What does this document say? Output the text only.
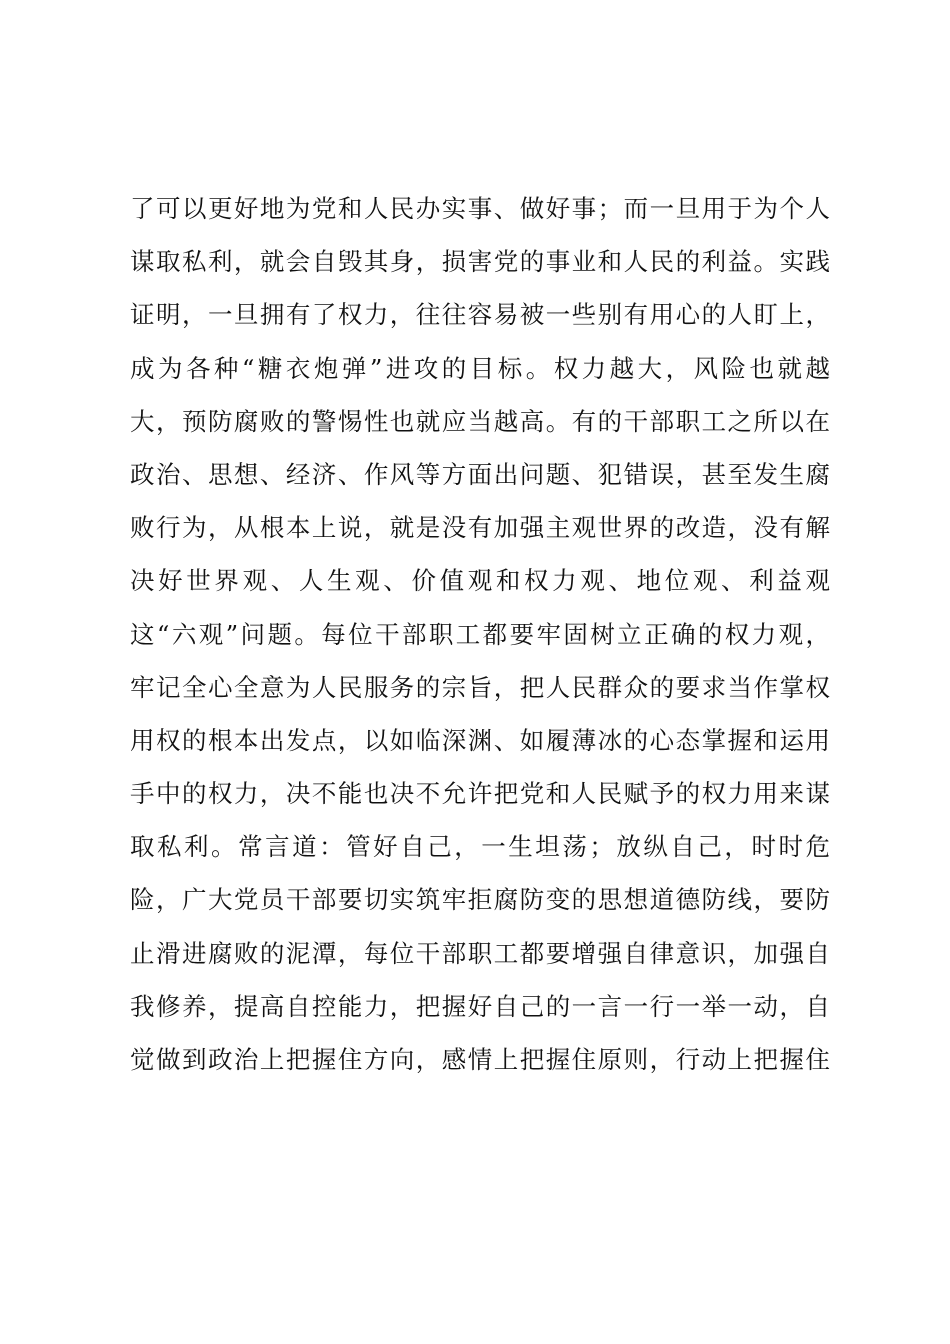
了可以更好地为党和人民办实事、做好事；而一旦用于为个人
谋取私利，就会自毁其身，损害党的事业和人民的利益。实践
证明，一旦拥有了权力，往往容易被一些别有用心的人盯上，
成为各种“糖衣炮弹”进攻的目标。权力越大，风险也就越
大，预防腐败的警惕性也就应当越高。有的干部职工之所以在
政治、思想、经济、作风等方面出问题、犯错误，甚至发生腐
败行为，从根本上说，就是没有加强主观世界的改造，没有解
决好世界观、人生观、价值观和权力观、地位观、利益观
这“六观”问题。每位干部职工都要牢固树立正确的权力观，
牢记全心全意为人民服务的宗旨，把人民群众的要求当作掌权
用权的根本出发点，以如临深渊、如履薄冰的心态掌握和运用
手中的权力，决不能也决不允许把党和人民赋予的权力用来谋
取私利。常言道：管好自己，一生坦荡；放纵自己，时时危
险，广大党员干部要切实筑牢拒腐防变的思想道德防线，要防
止滑进腐败的泥潭，每位干部职工都要增强自律意识，加强自
我修养，提高自控能力，把握好自己的一言一行一举一动，自
觉做到政治上把握住方向，感情上把握住原则，行动上把握住
